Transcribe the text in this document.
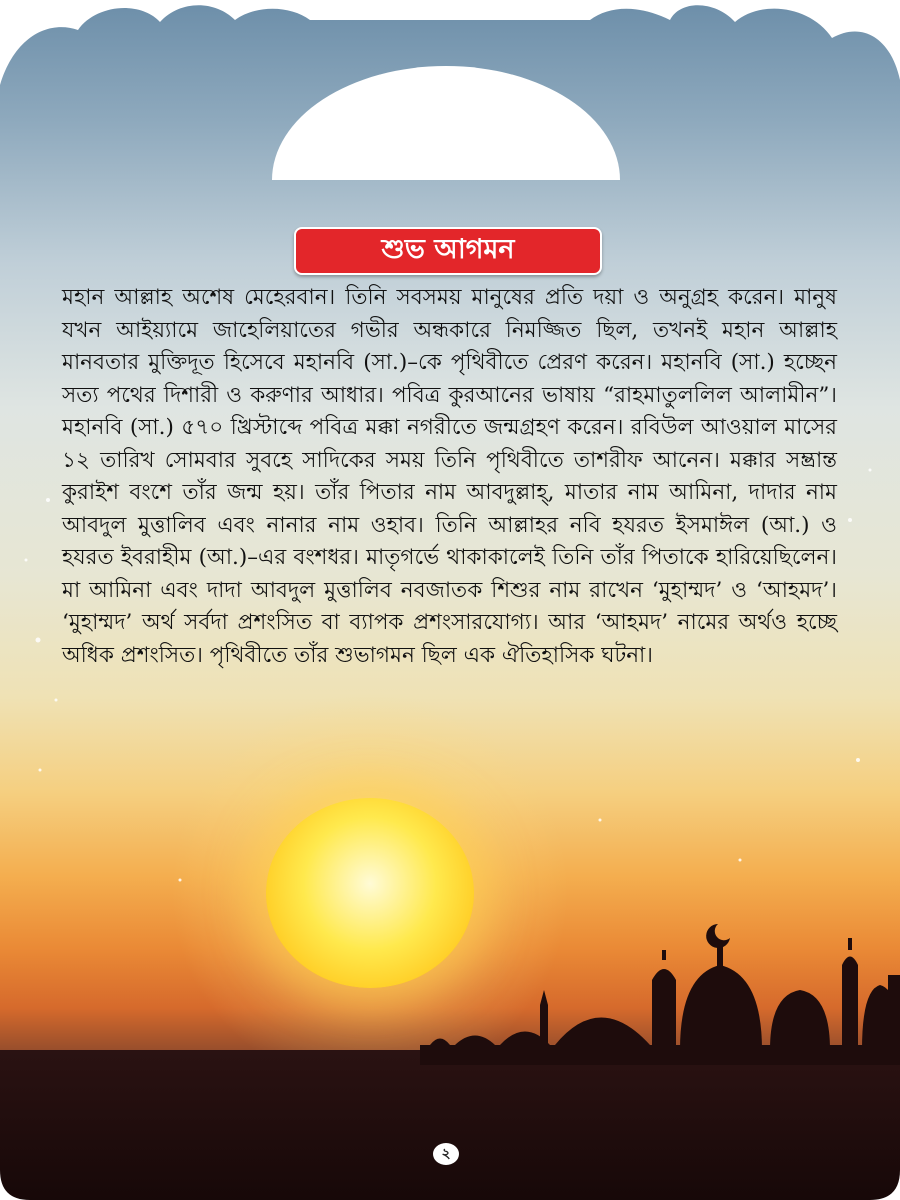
শুভ আগমন

মহান আল্লাহ অশেষ মেহেরবান। তিনি সবসময় মানুষের প্রতি দয়া ও অনুগ্রহ করেন। মানুষ যখন আইয়্যামে জাহেলিয়াতের গভীর অন্ধকারে নিমজ্জিত ছিল, তখনই মহান আল্লাহ মানবতার মুক্তিদূত হিসেবে মহানবি (সা.)–কে পৃথিবীতে প্রেরণ করেন। মহানবি (সা.) হচ্ছেন সত্য পথের দিশারী ও করুণার আধার। পবিত্র কুরআনের ভাষায় “রাহমাতুললিল আলামীন”। মহানবি (সা.) ৫৭০ খ্রিস্টাব্দে পবিত্র মক্কা নগরীতে জন্মগ্রহণ করেন। রবিউল আওয়াল মাসের ১২ তারিখ সোমবার সুবহে সাদিকের সময় তিনি পৃথিবীতে তাশরীফ আনেন। মক্কার সম্ভ্রান্ত কুরাইশ বংশে তাঁর জন্ম হয়। তাঁর পিতার নাম আবদুল্লাহ্, মাতার নাম আমিনা, দাদার নাম আবদুল মুত্তালিব এবং নানার নাম ওহাব। তিনি আল্লাহর নবি হযরত ইসমাঈল (আ.) ও হযরত ইবরাহীম (আ.)–এর বংশধর। মাতৃগর্ভে থাকাকালেই তিনি তাঁর পিতাকে হারিয়েছিলেন। মা আমিনা এবং দাদা আবদুল মুত্তালিব নবজাতক শিশুর নাম রাখেন ‘মুহাম্মদ’ ও ‘আহমদ’। ‘মুহাম্মদ’ অর্থ সর্বদা প্রশংসিত বা ব্যাপক প্রশংসারযোগ্য। আর ‘আহমদ’ নামের অর্থও হচ্ছে অধিক প্রশংসিত। পৃথিবীতে তাঁর শুভাগমন ছিল এক ঐতিহাসিক ঘটনা।

২
